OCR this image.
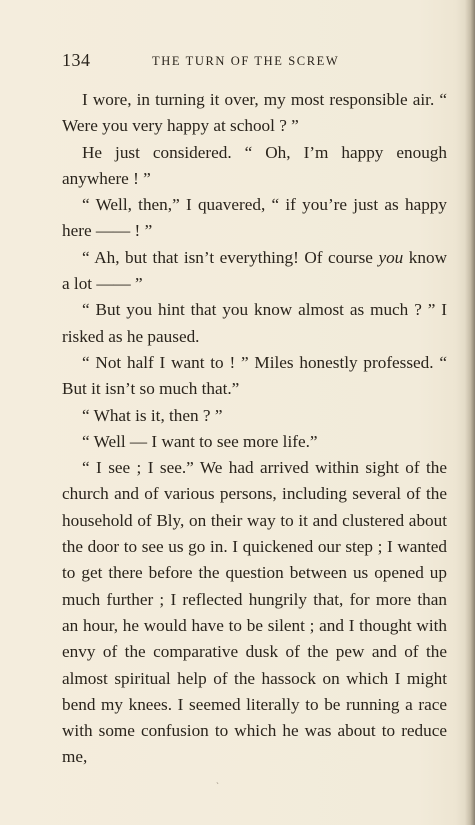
134	THE TURN OF THE SCREW

I wore, in turning it over, my most responsible air. “ Were you very happy at school ? ”

He just considered. “ Oh, I’m happy enough anywhere ! ”

“ Well, then,” I quavered, “ if you’re just as happy here —— ! ”

“ Ah, but that isn’t everything! Of course you know a lot —— ”

“ But you hint that you know almost as much ? ” I risked as he paused.

“ Not half I want to ! ” Miles honestly professed. “ But it isn’t so much that.”

“ What is it, then ? ”

“ Well — I want to see more life.”

“ I see ; I see.” We had arrived within sight of the church and of various persons, including several of the household of Bly, on their way to it and clustered about the door to see us go in. I quickened our step ; I wanted to get there before the question between us opened up much further ; I reflected hungrily that, for more than an hour, he would have to be silent ; and I thought with envy of the comparative dusk of the pew and of the almost spiritual help of the hassock on which I might bend my knees. I seemed literally to be running a race with some confusion to which he was about to reduce me,

ˎ
